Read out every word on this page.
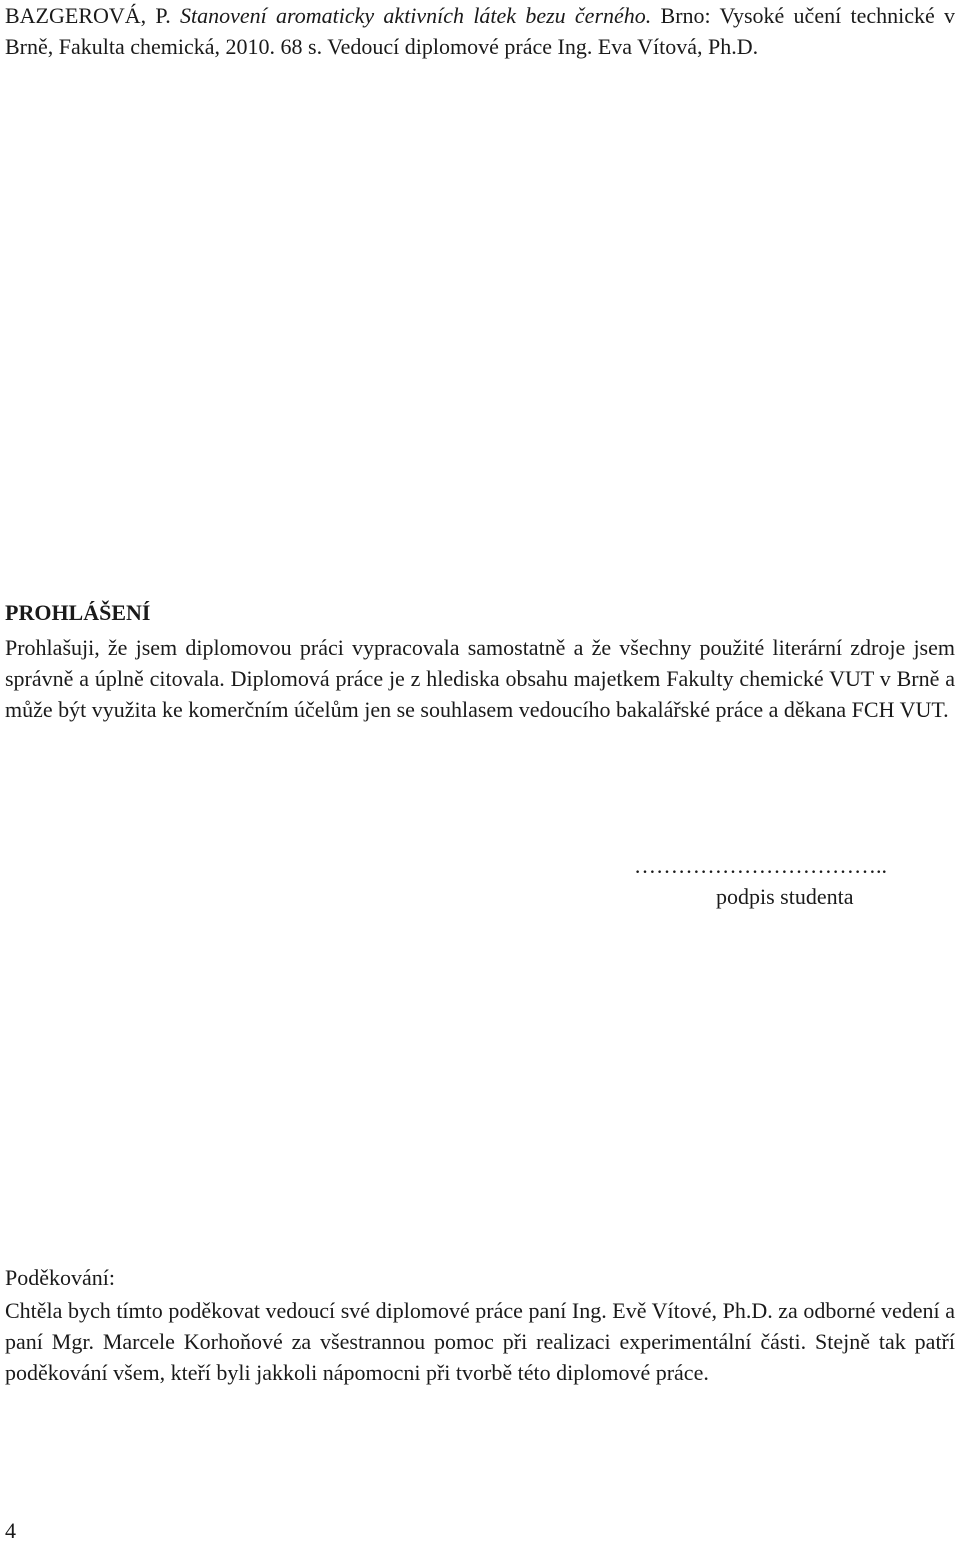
BAZGEROVÁ, P. Stanovení aromaticky aktivních látek bezu černého. Brno: Vysoké učení technické v Brně, Fakulta chemická, 2010. 68 s. Vedoucí diplomové práce Ing. Eva Vítová, Ph.D.
PROHLÁŠENÍ
Prohlašuji, že jsem diplomovou práci vypracovala samostatně a že všechny použité literární zdroje jsem správně a úplně citovala. Diplomová práce je z hlediska obsahu majetkem Fakulty chemické VUT v Brně a může být využita ke komerčním účelům jen se souhlasem vedoucího bakalářské práce a děkana FCH VUT.
……………………………..
podpis studenta
Poděkování:
Chtěla bych tímto poděkovat vedoucí své diplomové práce paní Ing. Evě Vítové, Ph.D. za odborné vedení a paní Mgr. Marcele Korhoňové za všestrannou pomoc při realizaci experimentální části. Stejně tak patří poděkování všem, kteří byli jakkoli nápomocni při tvorbě této diplomové práce.
4
